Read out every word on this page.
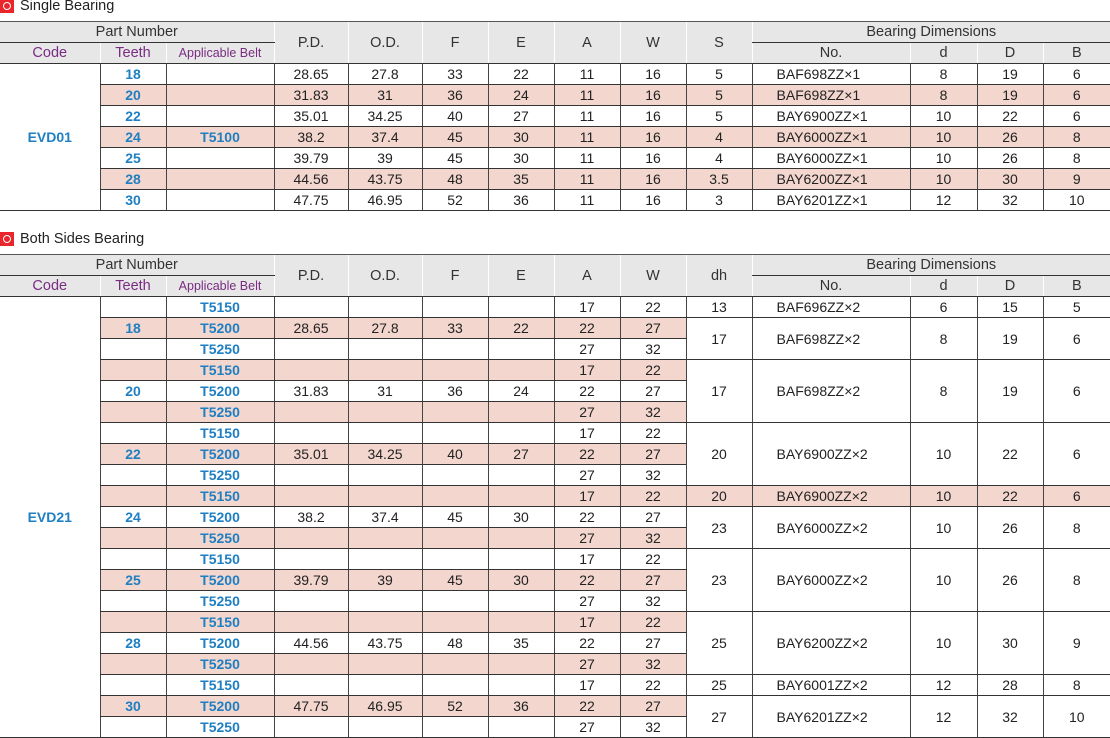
Single Bearing
Part Number			P.D.	O.D.	F	E	A	W	S	Bearing Dimensions			
Code	Teeth	Applicable Belt								No.	d	D	B
EVD01	18		28.65	27.8	33	22	11	16	5	BAF698ZZ×1	8	19	6
	20		31.83	31	36	24	11	16	5	BAF698ZZ×1	8	19	6
	22		35.01	34.25	40	27	11	16	5	BAY6900ZZ×1	10	22	6
	24	T5100	38.2	37.4	45	30	11	16	4	BAY6000ZZ×1	10	26	8
	25		39.79	39	45	30	11	16	4	BAY6000ZZ×1	10	26	8
	28		44.56	43.75	48	35	11	16	3.5	BAY6200ZZ×1	10	30	9
	30		47.75	46.95	52	36	11	16	3	BAY6201ZZ×1	12	32	10
Both Sides Bearing
Part Number			P.D.	O.D.	F	E	A	W	dh	Bearing Dimensions			
Code	Teeth	Applicable Belt								No.	d	D	B
EVD21		T5150					17	22	13	BAF696ZZ×2	6	15	5
	18	T5200	28.65	27.8	33	22	22	27	17	BAF698ZZ×2	8	19	6
		T5250					27	32					
		T5150					17	22	17	BAF698ZZ×2	8	19	6
	20	T5200	31.83	31	36	24	22	27					
		T5250					27	32					
		T5150					17	22	20	BAY6900ZZ×2	10	22	6
	22	T5200	35.01	34.25	40	27	22	27					
		T5250					27	32					
		T5150					17	22	20	BAY6900ZZ×2	10	22	6
	24	T5200	38.2	37.4	45	30	22	27	23	BAY6000ZZ×2	10	26	8
		T5250					27	32					
		T5150					17	22	23	BAY6000ZZ×2	10	26	8
	25	T5200	39.79	39	45	30	22	27					
		T5250					27	32					
		T5150					17	22	25	BAY6200ZZ×2	10	30	9
	28	T5200	44.56	43.75	48	35	22	27					
		T5250					27	32					
		T5150					17	22	25	BAY6001ZZ×2	12	28	8
	30	T5200	47.75	46.95	52	36	22	27	27	BAY6201ZZ×2	12	32	10
		T5250					27	32					
